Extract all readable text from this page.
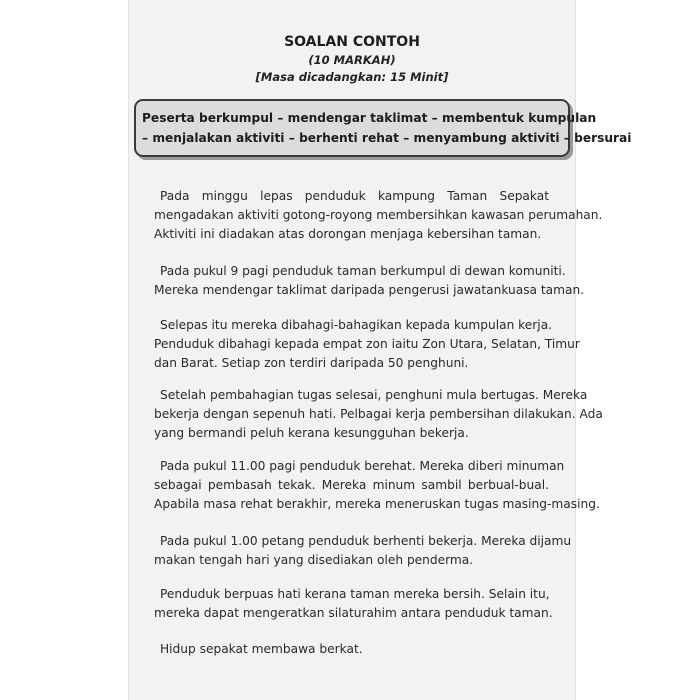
SOALAN CONTOH

(10 MARKAH)

[Masa dicadangkan: 15 Minit]

Peserta berkumpul – mendengar taklimat – membentuk kumpulan
– menjalakan aktiviti – berhenti rehat – menyambung aktiviti – bersurai

Pada minggu lepas penduduk kampung Taman Sepakat
mengadakan aktiviti gotong-royong membersihkan kawasan perumahan.
Aktiviti ini diadakan atas dorongan menjaga kebersihan taman.

Pada pukul 9 pagi penduduk taman berkumpul di dewan komuniti.
Mereka mendengar taklimat daripada pengerusi jawatankuasa taman.

Selepas itu mereka dibahagi-bahagikan kepada kumpulan kerja.
Penduduk dibahagi kepada empat zon iaitu Zon Utara, Selatan, Timur
dan Barat. Setiap zon terdiri daripada 50 penghuni.

Setelah pembahagian tugas selesai, penghuni mula bertugas. Mereka
bekerja dengan sepenuh hati. Pelbagai kerja pembersihan dilakukan. Ada
yang bermandi peluh kerana kesungguhan bekerja.

Pada pukul 11.00 pagi penduduk berehat. Mereka diberi minuman
sebagai pembasah tekak. Mereka minum sambil berbual-bual.
Apabila masa rehat berakhir, mereka meneruskan tugas masing-masing.

Pada pukul 1.00 petang penduduk berhenti bekerja. Mereka dijamu
makan tengah hari yang disediakan oleh penderma.

Penduduk berpuas hati kerana taman mereka bersih. Selain itu,
mereka dapat mengeratkan silaturahim antara penduduk taman.

Hidup sepakat membawa berkat.
